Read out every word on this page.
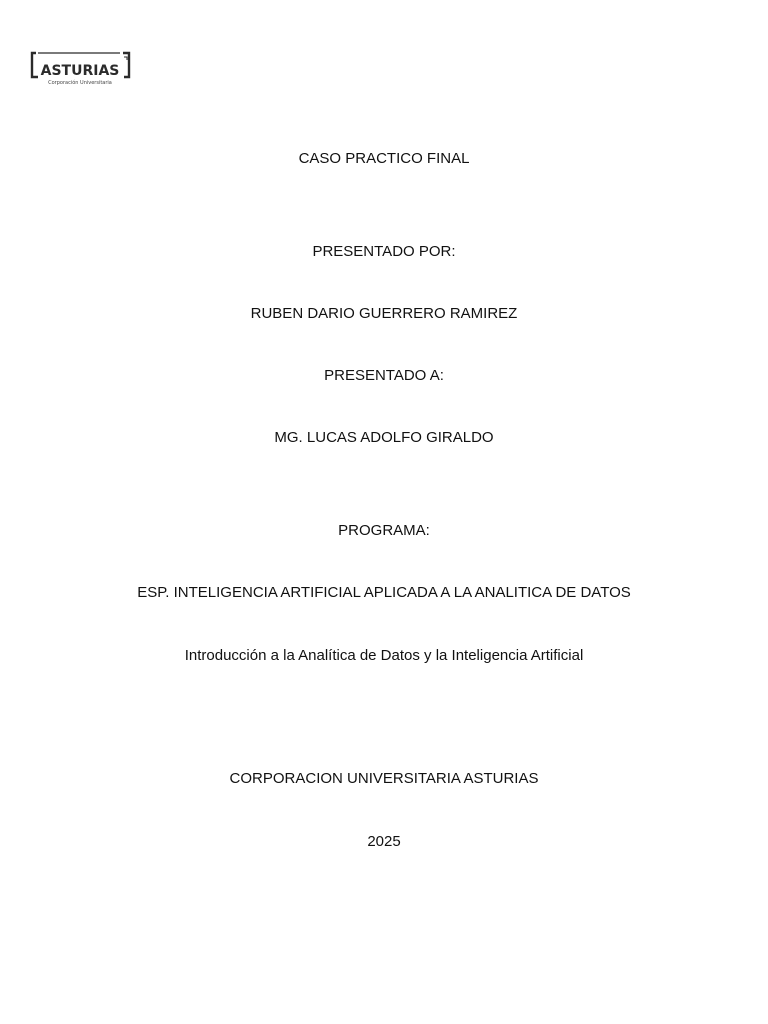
ASTURIAS
Corporación Universitaria
CASO PRACTICO FINAL
PRESENTADO POR:
RUBEN DARIO GUERRERO RAMIREZ
PRESENTADO A:
MG. LUCAS ADOLFO GIRALDO
PROGRAMA:
ESP. INTELIGENCIA ARTIFICIAL APLICADA A LA ANALITICA DE DATOS
Introducción a la Analítica de Datos y la Inteligencia Artificial
CORPORACION UNIVERSITARIA ASTURIAS
2025
